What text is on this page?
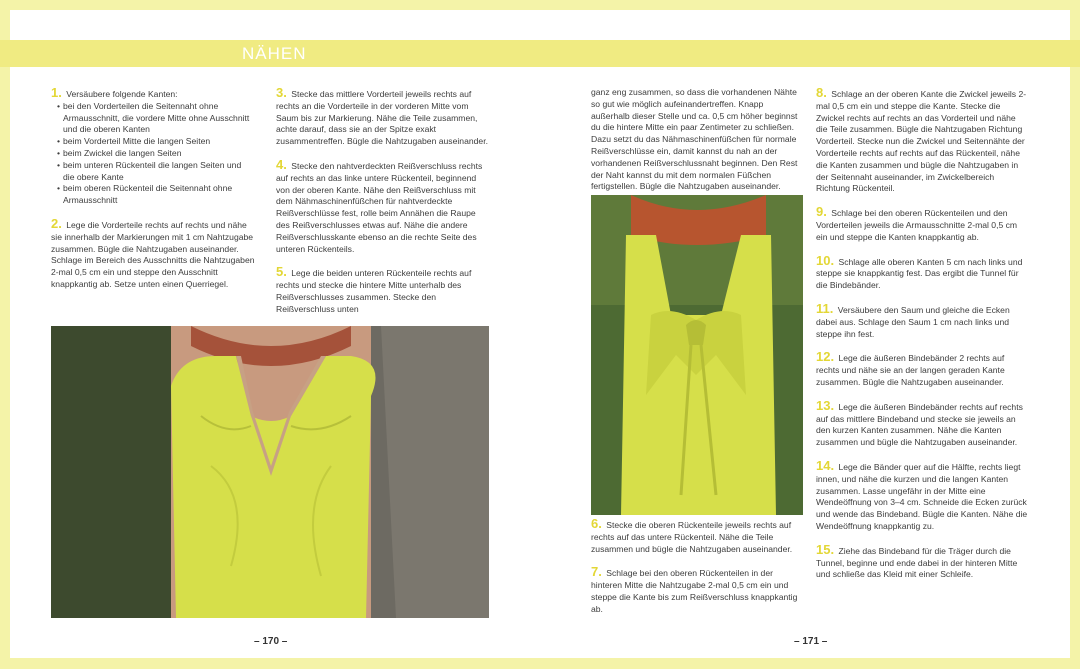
NÄHEN
1. Versäubere folgende Kanten:
• bei den Vorderteilen die Seitennaht ohne Armausschnitt, die vordere Mitte ohne Ausschnitt und die oberen Kanten
• beim Vorderteil Mitte die langen Seiten
• beim Zwickel die langen Seiten
• beim unteren Rückenteil die langen Seiten und die obere Kante
• beim oberen Rückenteil die Seitennaht ohne Armausschnitt
2. Lege die Vorderteile rechts auf rechts und nähe sie innerhalb der Markierungen mit 1 cm Nahtzugabe zusammen. Bügle die Nahtzugaben auseinander. Schlage im Bereich des Ausschnitts die Nahtzugaben 2-mal 0,5 cm ein und steppe den Ausschnitt knappkantig ab. Setze unten einen Querriegel.
3. Stecke das mittlere Vorderteil jeweils rechts auf rechts an die Vorderteile in der vorderen Mitte vom Saum bis zur Markierung. Nähe die Teile zusammen, achte darauf, dass sie an der Spitze exakt zusammentreffen. Bügle die Nahtzugaben auseinander.
4. Stecke den nahtverdeckten Reißverschluss rechts auf rechts an das linke untere Rückenteil, beginnend von der oberen Kante. Nähe den Reißverschluss mit dem Nähmaschinenfüßchen für nahtverdeckte Reißverschlüsse fest, rolle beim Annähen die Raupe des Reißverschlusses etwas auf. Nähe die andere Reißverschlusskante ebenso an die rechte Seite des unteren Rückenteils.
5. Lege die beiden unteren Rückenteile rechts auf rechts und stecke die hintere Mitte unterhalb des Reißverschlusses zusammen. Stecke den Reißverschluss unten
ganz eng zusammen, so dass die vorhandenen Nähte so gut wie möglich aufeinandertreffen. Knapp außerhalb dieser Stelle und ca. 0,5 cm höher beginnst du die hintere Mitte ein paar Zentimeter zu schließen. Dazu setzt du das Nähmaschinenfüßchen für normale Reißverschlüsse ein, damit kannst du nah an der vorhandenen Reißverschlussnaht beginnen. Den Rest der Naht kannst du mit dem normalen Füßchen fertigstellen. Bügle die Nahtzugaben auseinander.
6. Stecke die oberen Rückenteile jeweils rechts auf rechts auf das untere Rückenteil. Nähe die Teile zusammen und bügle die Nahtzugaben auseinander.
7. Schlage bei den oberen Rückenteilen in der hinteren Mitte die Nahtzugabe 2-mal 0,5 cm ein und steppe die Kante bis zum Reißverschluss knappkantig ab.
8. Schlage an der oberen Kante die Zwickel jeweils 2-mal 0,5 cm ein und steppe die Kante. Stecke die Zwickel rechts auf rechts an das Vorderteil und nähe die Teile zusammen. Bügle die Nahtzugaben Richtung Vorderteil. Stecke nun die Zwickel und Seitennähte der Vorderteile rechts auf rechts auf das Rückenteil, nähe die Kanten zusammen und bügle die Nahtzugaben in der Seitennaht auseinander, im Zwickelbereich Richtung Rückenteil.
9. Schlage bei den oberen Rückenteilen und den Vorderteilen jeweils die Armausschnitte 2-mal 0,5 cm ein und steppe die Kanten knappkantig ab.
10. Schlage alle oberen Kanten 5 cm nach links und steppe sie knappkantig fest. Das ergibt die Tunnel für die Bindebänder.
11. Versäubere den Saum und gleiche die Ecken dabei aus. Schlage den Saum 1 cm nach links und steppe ihn fest.
12. Lege die äußeren Bindebänder 2 rechts auf rechts und nähe sie an der langen geraden Kante zusammen. Bügle die Nahtzugaben auseinander.
13. Lege die äußeren Bindebänder rechts auf rechts auf das mittlere Bindeband und stecke sie jeweils an den kurzen Kanten zusammen. Nähe die Kanten zusammen und bügle die Nahtzugaben auseinander.
14. Lege die Bänder quer auf die Hälfte, rechts liegt innen, und nähe die kurzen und die langen Kanten zusammen. Lasse ungefähr in der Mitte eine Wendeöffnung von 3–4 cm. Schneide die Ecken zurück und wende das Bindeband. Bügle die Kanten. Nähe die Wendeöffnung knappkantig zu.
15. Ziehe das Bindeband für die Träger durch die Tunnel, beginne und ende dabei in der hinteren Mitte und schließe das Kleid mit einer Schleife.
– 170 –	– 171 –
